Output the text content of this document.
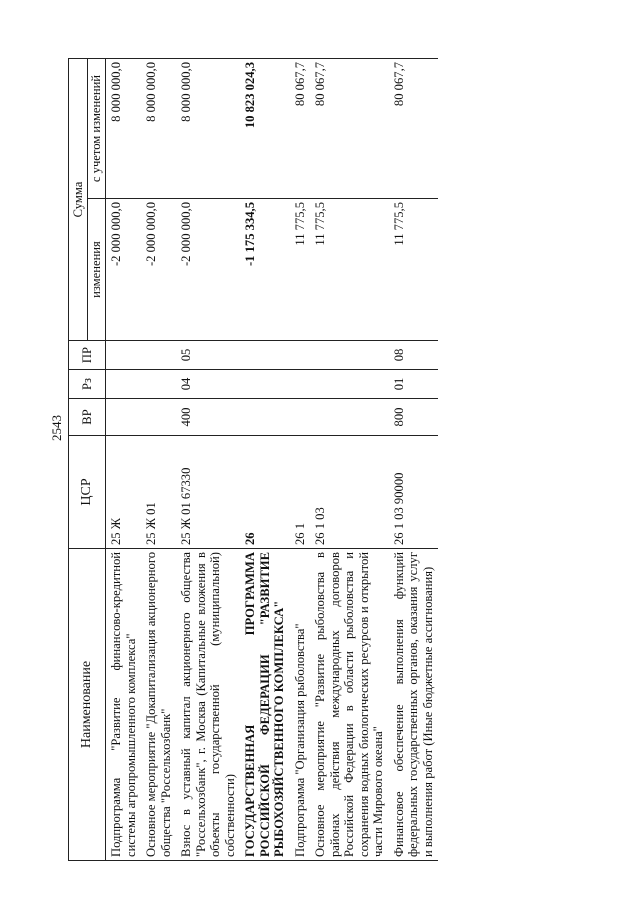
2543
Наименование	ЦСР	ВР	Рз	ПР	Сумма	
					изменения	с учетом изменений
Подпрограмма "Развитие финансово-кредитной системы агропромышленного комплекса"	25 Ж				-2 000 000,0	8 000 000,0
Основное мероприятие "Докапитализация акционерного общества "Россельхозбанк"	25 Ж 01				-2 000 000,0	8 000 000,0
Взнос в уставный капитал акционерного общества "Россельхозбанк", г. Москва (Капитальные вложения в объекты государственной (муниципальной) собственности)	25 Ж 01 67330	400	04	05	-2 000 000,0	8 000 000,0
ГОСУДАРСТВЕННАЯ ПРОГРАММА РОССИЙСКОЙ ФЕДЕРАЦИИ "РАЗВИТИЕ РЫБОХОЗЯЙСТВЕННОГО КОМПЛЕКСА"	26				-1 175 334,5	10 823 024,3
Подпрограмма "Организация рыболовства"	26 1				11 775,5	80 067,7
Основное мероприятие "Развитие рыболовства в районах действия международных договоров Российской Федерации в области рыболовства и сохранения водных биологических ресурсов и открытой части Мирового океана"	26 1 03				11 775,5	80 067,7
Финансовое обеспечение выполнения функций федеральных государственных органов, оказания услуг и выполнения работ (Иные бюджетные ассигнования)	26 1 03 90000	800	01	08	11 775,5	80 067,7
